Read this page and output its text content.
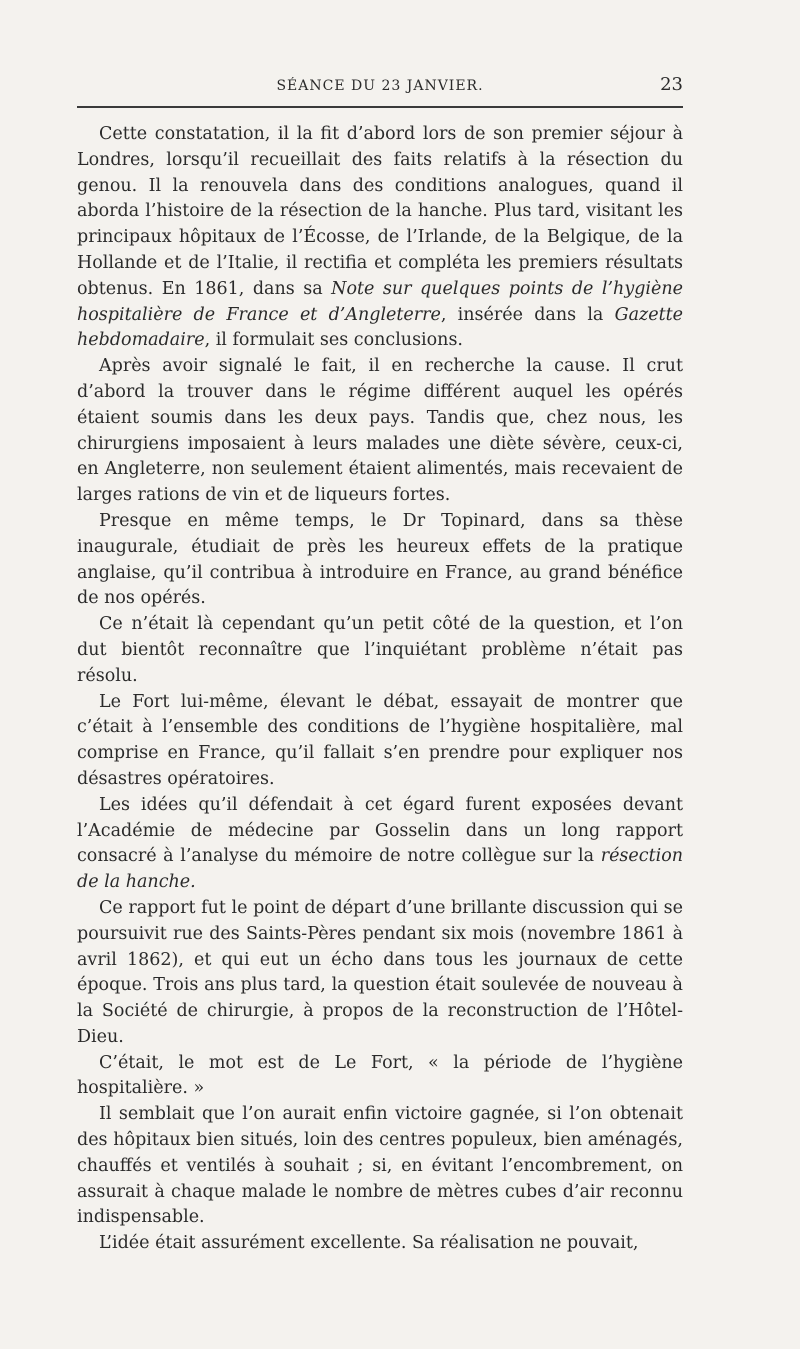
SÉANCE DU 23 JANVIER.	23

Cette constatation, il la fit d’abord lors de son premier séjour à Londres, lorsqu’il recueillait des faits relatifs à la résection du genou. Il la renouvela dans des conditions analogues, quand il aborda l’histoire de la résection de la hanche. Plus tard, visitant les principaux hôpitaux de l’Écosse, de l’Irlande, de la Belgique, de la Hollande et de l’Italie, il rectifia et compléta les premiers résultats obtenus. En 1861, dans sa Note sur quelques points de l’hygiène hospitalière de France et d’Angleterre, insérée dans la Gazette hebdomadaire, il formulait ses conclusions.

Après avoir signalé le fait, il en recherche la cause. Il crut d’abord la trouver dans le régime différent auquel les opérés étaient soumis dans les deux pays. Tandis que, chez nous, les chirurgiens imposaient à leurs malades une diète sévère, ceux-ci, en Angleterre, non seulement étaient alimentés, mais recevaient de larges rations de vin et de liqueurs fortes.

Presque en même temps, le Dr Topinard, dans sa thèse inaugurale, étudiait de près les heureux effets de la pratique anglaise, qu’il contribua à introduire en France, au grand bénéfice de nos opérés.

Ce n’était là cependant qu’un petit côté de la question, et l’on dut bientôt reconnaître que l’inquiétant problème n’était pas résolu.

Le Fort lui-même, élevant le débat, essayait de montrer que c’était à l’ensemble des conditions de l’hygiène hospitalière, mal comprise en France, qu’il fallait s’en prendre pour expliquer nos désastres opératoires.

Les idées qu’il défendait à cet égard furent exposées devant l’Académie de médecine par Gosselin dans un long rapport consacré à l’analyse du mémoire de notre collègue sur la résection de la hanche.

Ce rapport fut le point de départ d’une brillante discussion qui se poursuivit rue des Saints-Pères pendant six mois (novembre 1861 à avril 1862), et qui eut un écho dans tous les journaux de cette époque. Trois ans plus tard, la question était soulevée de nouveau à la Société de chirurgie, à propos de la reconstruction de l’Hôtel-Dieu.

C’était, le mot est de Le Fort, « la période de l’hygiène hospitalière. »

Il semblait que l’on aurait enfin victoire gagnée, si l’on obtenait des hôpitaux bien situés, loin des centres populeux, bien aménagés, chauffés et ventilés à souhait ; si, en évitant l’encombrement, on assurait à chaque malade le nombre de mètres cubes d’air reconnu indispensable.

L’idée était assurément excellente. Sa réalisation ne pouvait,
